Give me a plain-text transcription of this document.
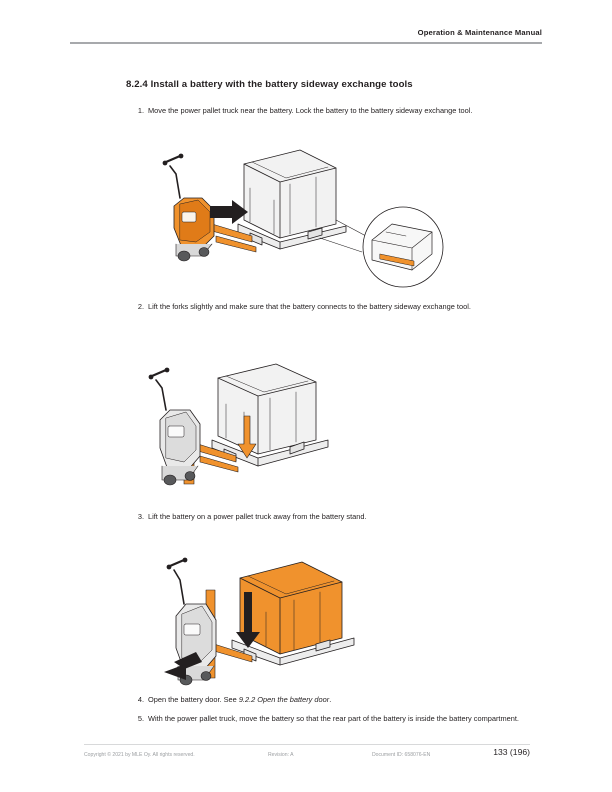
Operation & Maintenance Manual
8.2.4 Install a battery with the battery sideway exchange tools
1. Move the power pallet truck near the battery. Lock the battery to the battery sideway exchange tool.
2. Lift the forks slightly and make sure that the battery connects to the battery sideway exchange tool.
3. Lift the battery on a power pallet truck away from the battery stand.
4. Open the battery door. See 9.2.2 Open the battery door.
5. With the power pallet truck, move the battery so that the rear part of the battery is inside the battery compartment.
Copyright © 2021 by MLE Oy. All rights reserved.	Revision: A	Document ID: 658076-EN	133 (196)
